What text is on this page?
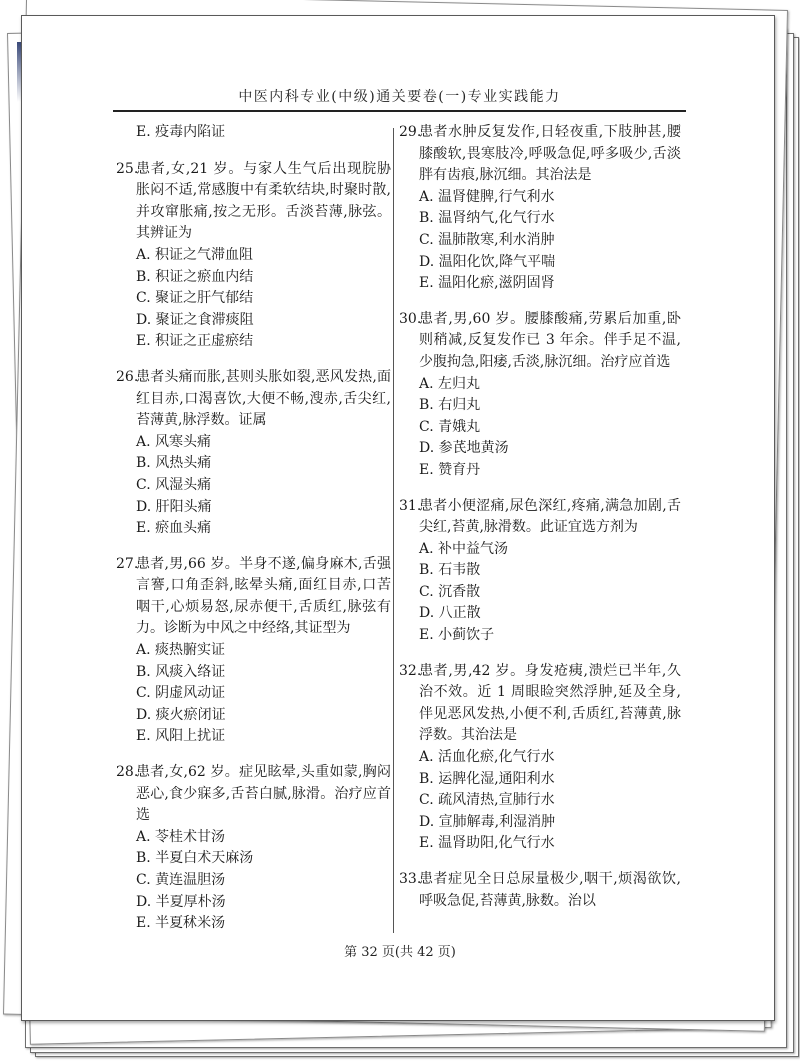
中医内科专业(中级)通关要卷(一)专业实践能力
E. 疫毒内陷证
25.
患者,女,21 岁。与家人生气后出现脘胁胀闷不适,常感腹中有柔软结块,时聚时散,并攻窜胀痛,按之无形。舌淡苔薄,脉弦。其辨证为
A. 积证之气滞血阻
B. 积证之瘀血内结
C. 聚证之肝气郁结
D. 聚证之食滞痰阻
E. 积证之正虚瘀结
26.
患者头痛而胀,甚则头胀如裂,恶风发热,面红目赤,口渴喜饮,大便不畅,溲赤,舌尖红,苔薄黄,脉浮数。证属
A. 风寒头痛
B. 风热头痛
C. 风湿头痛
D. 肝阳头痛
E. 瘀血头痛
27.
患者,男,66 岁。半身不遂,偏身麻木,舌强言謇,口角歪斜,眩晕头痛,面红目赤,口苦咽干,心烦易怒,尿赤便干,舌质红,脉弦有力。诊断为中风之中经络,其证型为
A. 痰热腑实证
B. 风痰入络证
C. 阴虚风动证
D. 痰火瘀闭证
E. 风阳上扰证
28.
患者,女,62 岁。症见眩晕,头重如蒙,胸闷恶心,食少寐多,舌苔白腻,脉滑。治疗应首选
A. 苓桂术甘汤
B. 半夏白术天麻汤
C. 黄连温胆汤
D. 半夏厚朴汤
E. 半夏秫米汤
29.
患者水肿反复发作,日轻夜重,下肢肿甚,腰膝酸软,畏寒肢冷,呼吸急促,呼多吸少,舌淡胖有齿痕,脉沉细。其治法是
A. 温肾健脾,行气利水
B. 温肾纳气,化气行水
C. 温肺散寒,利水消肿
D. 温阳化饮,降气平喘
E. 温阳化瘀,滋阴固肾
30.
患者,男,60 岁。腰膝酸痛,劳累后加重,卧则稍减,反复发作已 3 年余。伴手足不温,少腹拘急,阳痿,舌淡,脉沉细。治疗应首选
A. 左归丸
B. 右归丸
C. 青娥丸
D. 参芪地黄汤
E. 赞育丹
31.
患者小便涩痛,尿色深红,疼痛,满急加剧,舌尖红,苔黄,脉滑数。此证宜选方剂为
A. 补中益气汤
B. 石韦散
C. 沉香散
D. 八正散
E. 小蓟饮子
32.
患者,男,42 岁。身发疮痍,溃烂已半年,久治不效。近 1 周眼睑突然浮肿,延及全身,伴见恶风发热,小便不利,舌质红,苔薄黄,脉浮数。其治法是
A. 活血化瘀,化气行水
B. 运脾化湿,通阳利水
C. 疏风清热,宣肺行水
D. 宣肺解毒,利湿消肿
E. 温肾助阳,化气行水
33.
患者症见全日总尿量极少,咽干,烦渴欲饮,呼吸急促,苔薄黄,脉数。治以
第 32 页(共 42 页)
